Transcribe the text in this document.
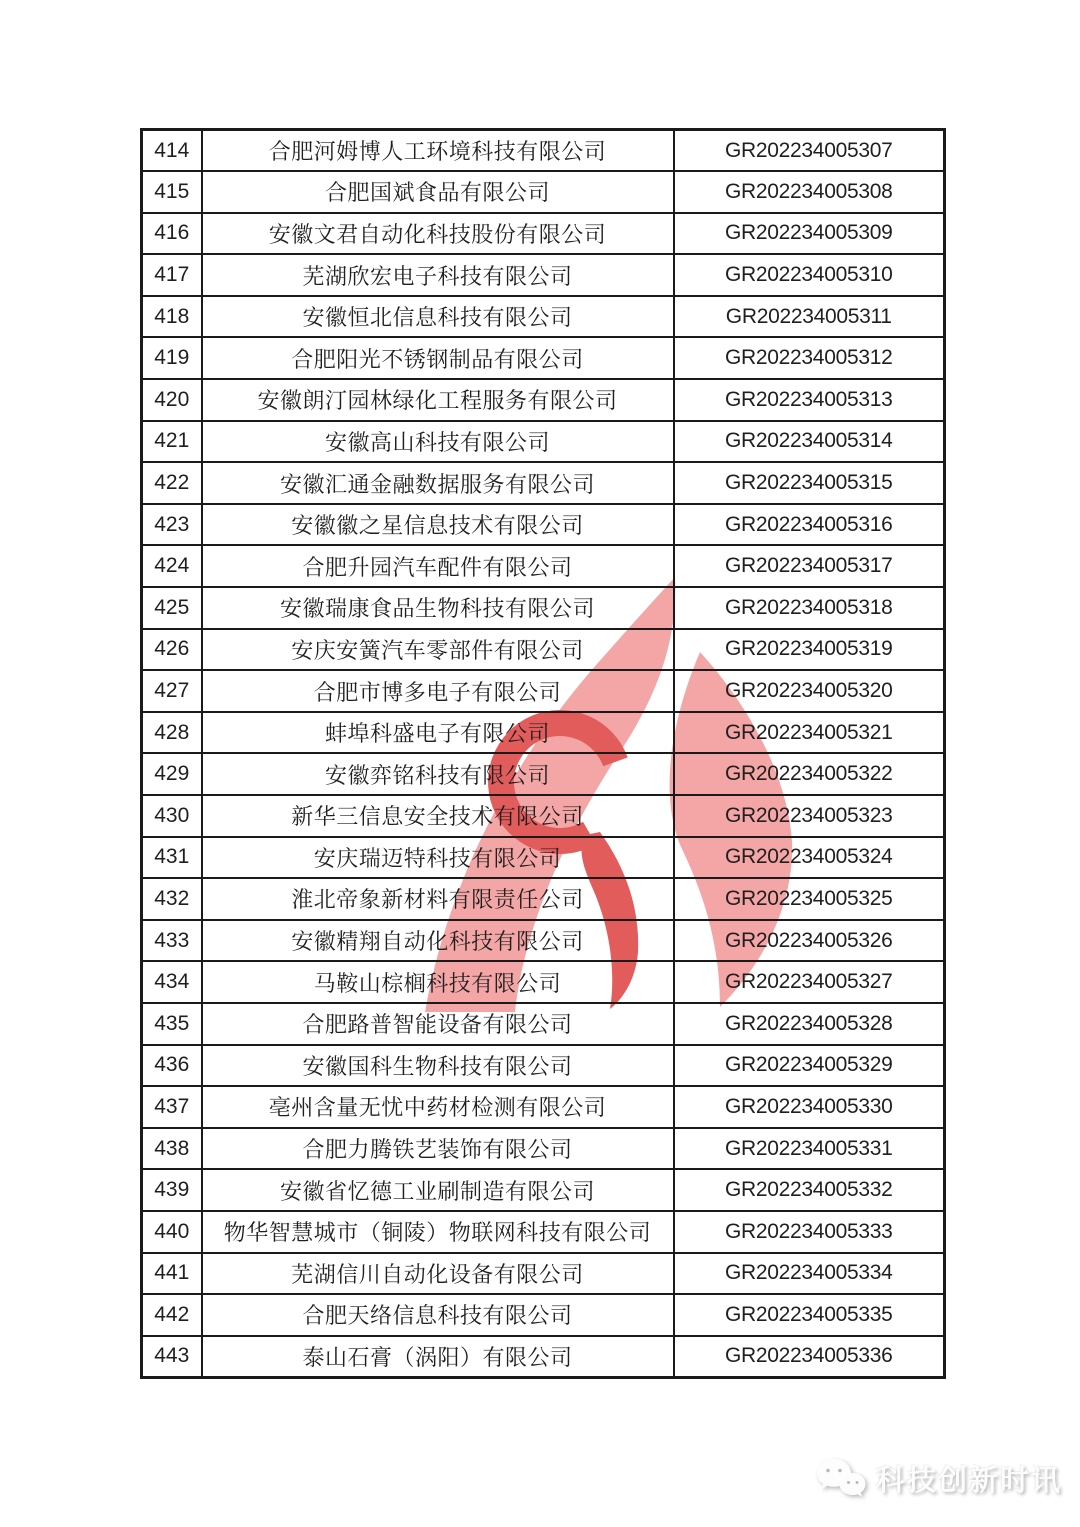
414	合肥河姆博人工环境科技有限公司	GR202234005307
415	合肥国斌食品有限公司	GR202234005308
416	安徽文君自动化科技股份有限公司	GR202234005309
417	芜湖欣宏电子科技有限公司	GR202234005310
418	安徽恒北信息科技有限公司	GR202234005311
419	合肥阳光不锈钢制品有限公司	GR202234005312
420	安徽朗汀园林绿化工程服务有限公司	GR202234005313
421	安徽高山科技有限公司	GR202234005314
422	安徽汇通金融数据服务有限公司	GR202234005315
423	安徽徽之星信息技术有限公司	GR202234005316
424	合肥升园汽车配件有限公司	GR202234005317
425	安徽瑞康食品生物科技有限公司	GR202234005318
426	安庆安簧汽车零部件有限公司	GR202234005319
427	合肥市博多电子有限公司	GR202234005320
428	蚌埠科盛电子有限公司	GR202234005321
429	安徽弈铭科技有限公司	GR202234005322
430	新华三信息安全技术有限公司	GR202234005323
431	安庆瑞迈特科技有限公司	GR202234005324
432	淮北帝象新材料有限责任公司	GR202234005325
433	安徽精翔自动化科技有限公司	GR202234005326
434	马鞍山棕榈科技有限公司	GR202234005327
435	合肥路普智能设备有限公司	GR202234005328
436	安徽国科生物科技有限公司	GR202234005329
437	亳州含量无忧中药材检测有限公司	GR202234005330
438	合肥力腾铁艺装饰有限公司	GR202234005331
439	安徽省忆德工业刷制造有限公司	GR202234005332
440	物华智慧城市（铜陵）物联网科技有限公司	GR202234005333
441	芜湖信川自动化设备有限公司	GR202234005334
442	合肥天络信息科技有限公司	GR202234005335
443	泰山石膏（涡阳）有限公司	GR202234005336
科技创新时讯
